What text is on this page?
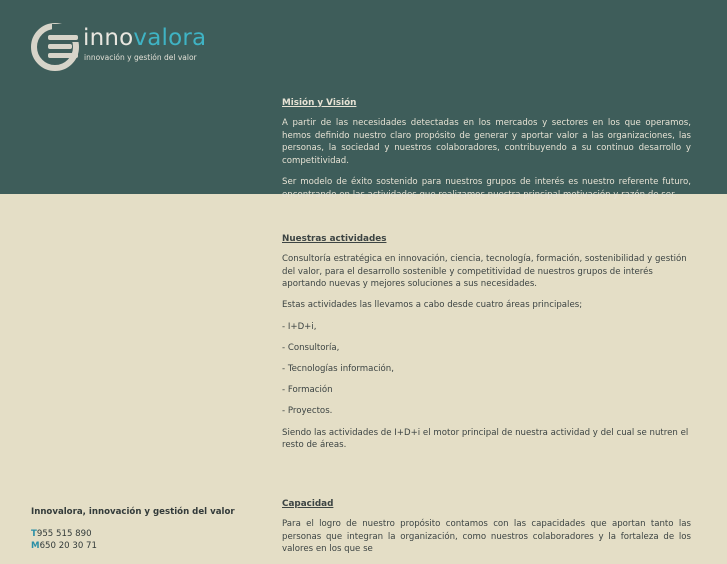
innovalora
innovación y gestión del valor
Misión y Visión

A partir de las necesidades detectadas en los mercados y sectores en los que operamos, hemos definido nuestro claro propósito de generar y aportar valor a las organizaciones, las personas, la sociedad y nuestros colaboradores, contribuyendo a su continuo desarrollo y competitividad.

Ser modelo de éxito sostenido para nuestros grupos de interés es nuestro referente futuro, encontrando en las actividades que realizamos nuestra principal motivación y razón de ser.

Nuestras actividades

Consultoría estratégica en innovación, ciencia, tecnología, formación, sostenibilidad y gestión del valor, para el desarrollo sostenible y competitividad de nuestros grupos de interés aportando nuevas y mejores soluciones a sus necesidades.

Estas actividades las llevamos a cabo desde cuatro áreas principales;

- I+D+i,

- Consultoría,

- Tecnologías información,

- Formación

- Proyectos.

Siendo las actividades de I+D+i el motor principal de nuestra actividad y del cual se nutren el resto de áreas.

Capacidad

Para el logro de nuestro propósito contamos con las capacidades que aportan tanto las personas que integran la organización, como nuestros colaboradores y la fortaleza de los valores en los que se

Innovalora, innovación y gestión del valor
T955 515 890
M650 20 30 71
